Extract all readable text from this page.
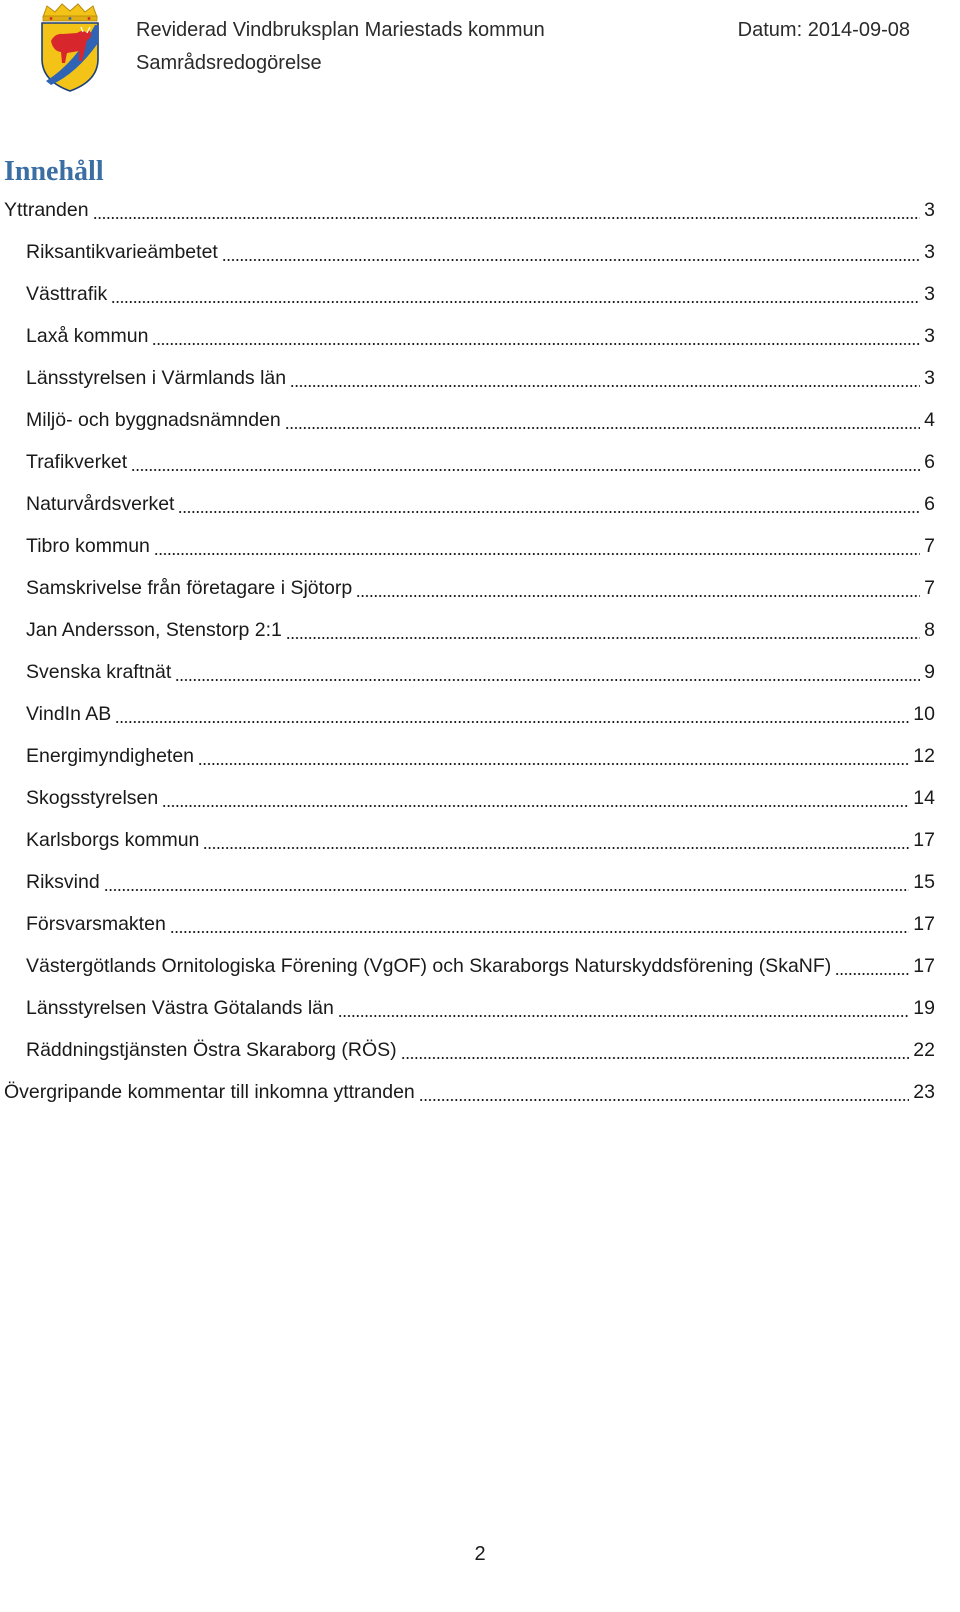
Reviderad Vindbruksplan Mariestads kommun
Samrådsredogörelse
Datum: 2014-09-08
Innehåll
Yttranden	3
Riksantikvarieämbetet	3
Västtrafik	3
Laxå kommun	3
Länsstyrelsen i Värmlands län	3
Miljö- och byggnadsnämnden	4
Trafikverket	6
Naturvårdsverket	6
Tibro kommun	7
Samskrivelse från företagare i Sjötorp	7
Jan Andersson, Stenstorp 2:1	8
Svenska kraftnät	9
VindIn AB	10
Energimyndigheten	12
Skogsstyrelsen	14
Karlsborgs kommun	17
Riksvind	15
Försvarsmakten	17
Västergötlands Ornitologiska Förening (VgOF) och Skaraborgs Naturskyddsförening (SkaNF)	17
Länsstyrelsen Västra Götalands län	19
Räddningstjänsten Östra Skaraborg (RÖS)	22
Övergripande kommentar till inkomna yttranden	23
2
